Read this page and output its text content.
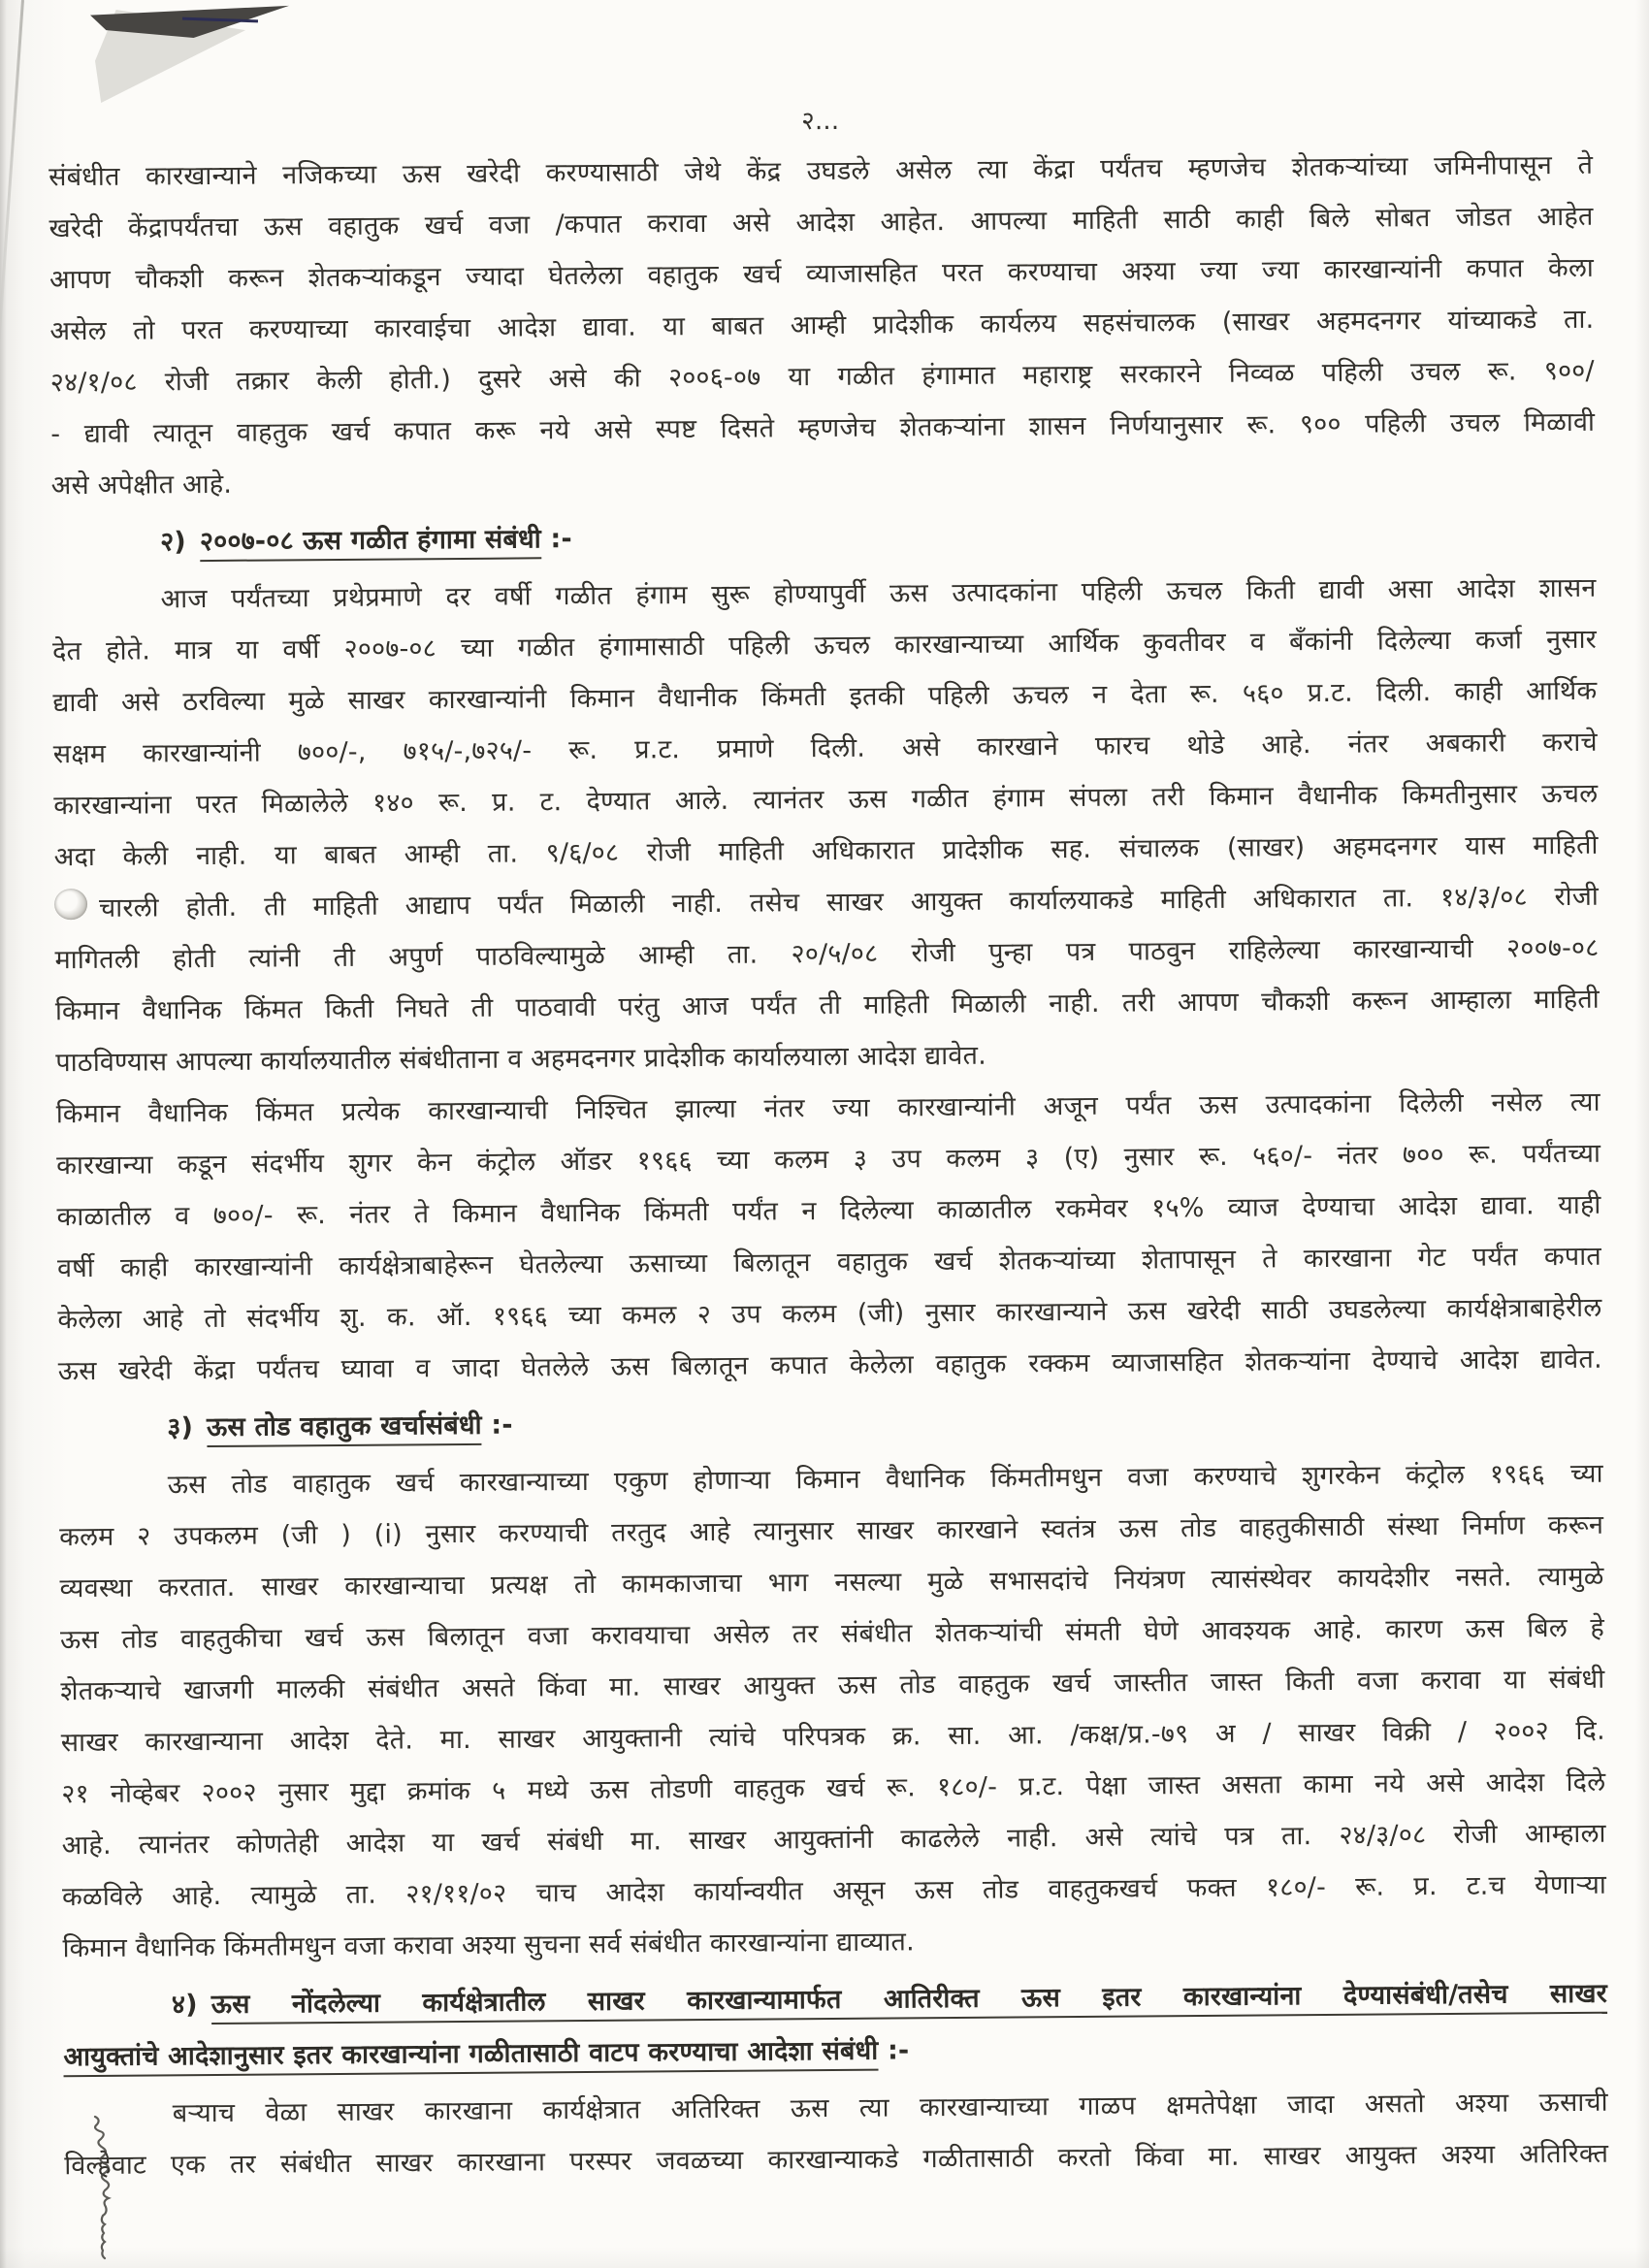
२...
संबंधीत कारखान्याने नजिकच्या ऊस खरेदी करण्यासाठी जेथे केंद्र उघडले असेल त्या केंद्रा पर्यंतच म्हणजेच शेतकऱ्यांच्या जमिनीपासून ते
खरेदी केंद्रापर्यंतचा ऊस वहातुक खर्च वजा /कपात करावा असे आदेश आहेत. आपल्या माहिती साठी काही बिले सोबत जोडत आहेत
आपण चौकशी करून शेतकऱ्यांकडून ज्यादा घेतलेला वहातुक खर्च व्याजासहित परत करण्याचा अश्या ज्या ज्या कारखान्यांनी कपात केला
असेल तो परत करण्याच्या कारवाईचा आदेश द्यावा. या बाबत आम्ही प्रादेशीक कार्यलय सहसंचालक (साखर अहमदनगर यांच्याकडे ता.
२४/१/०८ रोजी तक्रार केली होती.) दुसरे असे की २००६-०७ या गळीत हंगामात महाराष्ट्र सरकारने निव्वळ पहिली उचल रू. ९००/
- द्यावी त्यातून वाहतुक खर्च कपात करू नये असे स्पष्ट दिसते म्हणजेच शेतकऱ्यांना शासन निर्णयानुसार रू. ९०० पहिली उचल मिळावी
असे अपेक्षीत आहे.
२) २००७-०८ ऊस गळीत हंगामा संबंधी :-
आज पर्यंतच्या प्रथेप्रमाणे दर वर्षी गळीत हंगाम सुरू होण्यापुर्वी ऊस उत्पादकांना पहिली ऊचल किती द्यावी असा आदेश शासन
देत होते. मात्र या वर्षी २००७-०८ च्या गळीत हंगामासाठी पहिली ऊचल कारखान्याच्या आर्थिक कुवतीवर व बँकांनी दिलेल्या कर्जा नुसार
द्यावी असे ठरविल्या मुळे साखर कारखान्यांनी किमान वैधानीक किंमती इतकी पहिली ऊचल न देता रू. ५६० प्र.ट. दिली. काही आर्थिक
सक्षम कारखान्यांनी ७००/-, ७१५/-,७२५/- रू. प्र.ट. प्रमाणे दिली. असे कारखाने फारच थोडे आहे. नंतर अबकारी कराचे
कारखान्यांना परत मिळालेले १४० रू. प्र. ट. देण्यात आले. त्यानंतर ऊस गळीत हंगाम संपला तरी किमान वैधानीक किमतीनुसार ऊचल
अदा केली नाही. या बाबत आम्ही ता. ९/६/०८ रोजी माहिती अधिकारात प्रादेशीक सह. संचालक (साखर) अहमदनगर यास माहिती
चारली होती. ती माहिती आद्याप पर्यंत मिळाली नाही. तसेच साखर आयुक्त कार्यालयाकडे माहिती अधिकारात ता. १४/३/०८ रोजी
मागितली होती त्यांनी ती अपुर्ण पाठविल्यामुळे आम्ही ता. २०/५/०८ रोजी पुन्हा पत्र पाठवुन राहिलेल्या कारखान्याची २००७-०८
किमान वैधानिक किंमत किती निघते ती पाठवावी परंतु आज पर्यंत ती माहिती मिळाली नाही. तरी आपण चौकशी करून आम्हाला माहिती
पाठविण्यास आपल्या कार्यालयातील संबंधीताना व अहमदनगर प्रादेशीक कार्यालयाला आदेश द्यावेत.
किमान वैधानिक किंमत प्रत्येक कारखान्याची निश्चित झाल्या नंतर ज्या कारखान्यांनी अजून पर्यंत ऊस उत्पादकांना दिलेली नसेल त्या
कारखान्या कडून संदर्भीय शुगर केन कंट्रोल ऑडर १९६६ च्या कलम ३ उप कलम ३ (ए) नुसार रू. ५६०/- नंतर ७०० रू. पर्यंतच्या
काळातील व ७००/- रू. नंतर ते किमान वैधानिक किंमती पर्यंत न दिलेल्या काळातील रकमेवर १५% व्याज देण्याचा आदेश द्यावा. याही
वर्षी काही कारखान्यांनी कार्यक्षेत्राबाहेरून घेतलेल्या ऊसाच्या बिलातून वहातुक खर्च शेतकऱ्यांच्या शेतापासून ते कारखाना गेट पर्यंत कपात
केलेला आहे तो संदर्भीय शु. क. ऑ. १९६६ च्या कमल २ उप कलम (जी) नुसार कारखान्याने ऊस खरेदी साठी उघडलेल्या कार्यक्षेत्राबाहेरील
ऊस खरेदी केंद्रा पर्यंतच घ्यावा व जादा घेतलेले ऊस बिलातून कपात केलेला वहातुक रक्कम व्याजासहित शेतकऱ्यांना देण्याचे आदेश द्यावेत.
३) ऊस तोड वहातुक खर्चासंबंधी :-
ऊस तोड वाहातुक खर्च कारखान्याच्या एकुण होणाऱ्या किमान वैधानिक किंमतीमधुन वजा करण्याचे शुगरकेन कंट्रोल १९६६ च्या
कलम २ उपकलम (जी ) (i) नुसार करण्याची तरतुद आहे त्यानुसार साखर कारखाने स्वतंत्र ऊस तोड वाहतुकीसाठी संस्था निर्माण करून
व्यवस्था करतात. साखर कारखान्याचा प्रत्यक्ष तो कामकाजाचा भाग नसल्या मुळे सभासदांचे नियंत्रण त्यासंस्थेवर कायदेशीर नसते. त्यामुळे
ऊस तोड वाहतुकीचा खर्च ऊस बिलातून वजा करावयाचा असेल तर संबंधीत शेतकऱ्यांची संमती घेणे आवश्यक आहे. कारण ऊस बिल हे
शेतकऱ्याचे खाजगी मालकी संबंधीत असते किंवा मा. साखर आयुक्त ऊस तोड वाहतुक खर्च जास्तीत जास्त किती वजा करावा या संबंधी
साखर कारखान्याना आदेश देते. मा. साखर आयुक्तानी त्यांचे परिपत्रक क्र. सा. आ. /कक्ष/प्र.-७९ अ / साखर विक्री / २००२ दि.
२१ नोव्हेबर २००२ नुसार मुद्दा क्रमांक ५ मध्ये ऊस तोडणी वाहतुक खर्च रू. १८०/- प्र.ट. पेक्षा जास्त असता कामा नये असे आदेश दिले
आहे. त्यानंतर कोणतेही आदेश या खर्च संबंधी मा. साखर आयुक्तांनी काढलेले नाही. असे त्यांचे पत्र ता. २४/३/०८ रोजी आम्हाला
कळविले आहे. त्यामुळे ता. २१/११/०२ चाच आदेश कार्यान्वयीत असून ऊस तोड वाहतुकखर्च फक्त १८०/- रू. प्र. ट.च येणाऱ्या
किमान वैधानिक किंमतीमधुन वजा करावा अश्या सुचना सर्व संबंधीत कारखान्यांना द्याव्यात.
४) ऊस नोंदलेल्या कार्यक्षेत्रातील साखर कारखान्यामार्फत आतिरीक्त ऊस इतर कारखान्यांना देण्यासंबंधी/तसेच साखर
आयुक्तांचे आदेशानुसार इतर कारखान्यांना गळीतासाठी वाटप करण्याचा आदेशा संबंधी :-
बऱ्याच वेळा साखर कारखाना कार्यक्षेत्रात अतिरिक्त ऊस त्या कारखान्याच्या गाळप क्षमतेपेक्षा जादा असतो अश्या ऊसाची
विल्हेवाट एक तर संबंधीत साखर कारखाना परस्पर जवळच्या कारखान्याकडे गळीतासाठी करतो किंवा मा. साखर आयुक्त अश्या अतिरिक्त
